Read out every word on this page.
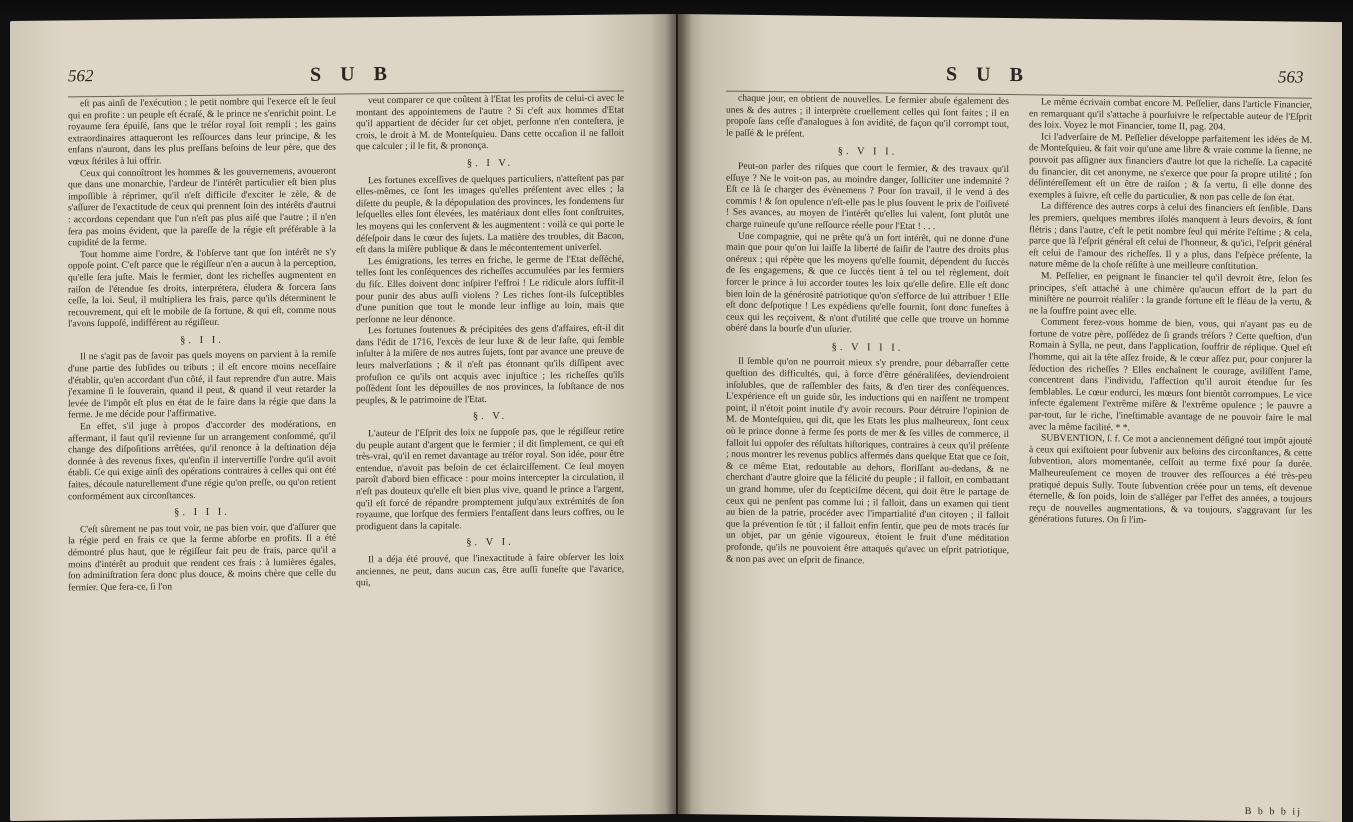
562	S U B

eſt pas ainſi de l'exécution ; le petit nombre qui l'exerce eſt le ſeul qui en profite : un peuple eſt écraſé, & le prince ne s'enrichit point. Le royaume ſera épuiſé, ſans que le tréſor royal ſoit rempli ; les gains extraordinaires attaqueront les reſſources dans leur principe, & les enfans n'auront, dans les plus preſſans beſoins de leur père, que des vœux ſtériles à lui offrir.

Ceux qui connoîtront les hommes & les gouvernemens, avoueront que dans une monarchie, l'ardeur de l'intérêt particulier eſt bien plus impoſſible à réprimer, qu'il n'eſt difficile d'exciter le zèle, & de s'aſſurer de l'exactitude de ceux qui prennent ſoin des intérêts d'autrui : accordons cependant que l'un n'eſt pas plus aiſé que l'autre ; il n'en ſera pas moins évident, que la pareſſe de la régie eſt préférable à la cupidité de la ferme.

Tout homme aime l'ordre, & l'obſerve tant que ſon intérêt ne s'y oppoſe point. C'eſt parce que le régiſſeur n'en a aucun à la perception, qu'elle ſera juſte. Mais le fermier, dont les richeſſes augmentent en raiſon de l'étendue ſes droits, interprétera, éludera & forcera ſans ceſſe, la loi. Seul, il multipliera les frais, parce qu'ils déterminent le recouvrement, qui eſt le mobile de ſa fortune, & qui eſt, comme nous l'avons ſuppoſé, indifférent au régiſſeur.

§. I I.

Il ne s'agit pas de ſavoir pas quels moyens on parvient à la remiſe d'une partie des ſubſides ou tributs ; il eſt encore moins neceſſaire d'établir, qu'en accordant d'un côté, il faut reprendre d'un autre. Mais j'examine ſi le ſouverain, quand il peut, & quand il veut retarder la levée de l'impôt eſt plus en état de le faire dans la régie que dans la ferme. Je me décide pour l'affirmative.

En effet, s'il juge à propos d'accorder des modérations, en affermant, il faut qu'il revienne ſur un arrangement conſommé, qu'il change des diſpoſitions arrêtées, qu'il renonce à la deſtination déja donnée à des revenus fixes, qu'enfin il intervertiſſe l'ordre qu'il avoit établi. Ce qui exige ainſi des opérations contraires à celles qui ont été faites, découle naturellement d'une régie qu'on preſſe, ou qu'on retient conformément aux circonſtances.

§. I I I.

C'eſt sûrement ne pas tout voir, ne pas bien voir, que d'aſſurer que la régie perd en frais ce que la ferme abſorbe en profits. Il a été démontré plus haut, que le régiſſeur fait peu de frais, parce qu'il a moins d'intérêt au produit que rendent ces frais : à lumières égales, ſon adminiſtration ſera donc plus douce, & moins chère que celle du fermier. Que fera-ce, ſi l'on

veut comparer ce que coûtent à l'Etat les profits de celui-ci avec le montant des appointemens de l'autre ? Si c'eſt aux hommes d'Etat qu'il appartient de décider ſur cet objet, perſonne n'en conteſtera, je crois, le droit à M. de Monteſquieu. Dans cette occaſion il ne falloit que calculer ; il le fit, & prononça.

§. I V.

Les fortunes exceſſives de quelques particuliers, n'atteſtent pas par elles-mêmes, ce ſont les images qu'elles préſentent avec elles ; la diſette du peuple, & la dépopulation des provinces, les fondemens ſur leſquelles elles ſont élevées, les matériaux dont elles ſont conſtruites, les moyens qui les conſervent & les augmentent : voilà ce qui porte le déſeſpoir dans le cœur des ſujets. La matière des troubles, dit Bacon, eſt dans la miſère publique & dans le mécontentement univerſel.

Les émigrations, les terres en friche, le germe de l'Etat deſſéché, telles ſont les conſéquences des richeſſes accumulées par les fermiers du fiſc. Elles doivent donc inſpirer l'effroi ! Le ridicule alors ſuffit-il pour punir des abus auſſi violens ? Les riches ſont-ils ſuſceptibles d'une punition que tout le monde leur inflige au loin, mais que perſonne ne leur dénonce.

Les fortunes ſoutenues & précipitées des gens d'affaires, eſt-il dit dans l'édit de 1716, l'excès de leur luxe & de leur faſte, qui ſemble inſulter à la miſère de nos autres ſujets, ſont par avance une preuve de leurs malverſations ; & il n'eſt pas étonnant qu'ils diſſipent avec profuſion ce qu'ils ont acquis avec injuſtice ; les richeſſes qu'ils poſſèdent ſont les dépouilles de nos provinces, la ſubſtance de nos peuples, & le patrimoine de l'Etat.

§. V.

L'auteur de l'Eſprit des loix ne ſuppoſe pas, que le régiſſeur retire du peuple autant d'argent que le fermier ; il dit ſimplement, ce qui eſt très-vrai, qu'il en remet davantage au tréſor royal. Son idée, pour être entendue, n'avoit pas beſoin de cet éclairciſſement. Ce ſeul moyen paroît d'abord bien efficace : pour moins intercepter la circulation, il n'eſt pas douteux qu'elle eſt bien plus vive, quand le prince a l'argent, qu'il eſt forcé de répandre promptement juſqu'aux extrémités de ſon royaume, que lorſque des fermiers l'entaſſent dans leurs coffres, ou le prodiguent dans la capitale.

§. V I.

Il a déja été prouvé, que l'inexactitude à faire obſerver les loix anciennes, ne peut, dans aucun cas, être auſſi funeſte que l'avarice, qui,

S U B	563

chaque jour, en obtient de nouvelles. Le fermier abuſe également des unes & des autres ; il interprète cruellement celles qui ſont faites ; il en propoſe ſans ceſſe d'analogues à ſon avidité, de façon qu'il corrompt tout, le paſſé & le préſent.

§. V I I.

Peut-on parler des riſques que court le fermier, & des travaux qu'il eſſuye ? Ne le voit-on pas, au moindre danger, ſolliciter une indemnité ? Eſt ce là ſe charger des évènemens ? Pour ſon travail, il le vend à des commis ! & ſon opulence n'eſt-elle pas le plus ſouvent le prix de l'oiſiveté ! Ses avances, au moyen de l'intérêt qu'elles lui valent, ſont plutôt une charge ruineuſe qu'une reſſource réelle pour l'Etat ! . . .

Une compagnie, qui ne prête qu'à un fort intérêt, qui ne donne d'une main que pour qu'on lui laiſſe la liberté de ſaiſir de l'autre des droits plus onéreux ; qui répète que les moyens qu'elle fournit, dépendent du ſuccès de ſes engagemens, & que ce ſuccès tient à tel ou tel règlement, doit forcer le prince à lui accorder toutes les loix qu'elle deſire. Elle eſt donc bien loin de la générosité patriotique qu'on s'efforce de lui attribuer ! Elle eſt donc deſpotique ! Les expédiens qu'elle fournit, ſont donc funeſtes à ceux qui les reçoivent, & n'ont d'utilité que celle que trouve un homme obéré dans la bourſe d'un uſurier.

§. V I I I.

Il ſemble qu'on ne pourroit mieux s'y prendre, pour débarraſſer cette queſtion des difficultés, qui, à force d'être généraliſées, deviendroient inſolubles, que de raſſembler des faits, & d'en tirer des conſéquences. L'expérience eſt un guide sûr, les inductions qui en naiſſent ne trompent point, il n'étoit point inutile d'y avoir recours. Pour détruire l'opinion de M. de Monteſquieu, qui dit, que les Etats les plus malheureux, ſont ceux où le prince donne à ferme ſes ports de mer & ſes villes de commerce, il falloit lui oppoſer des réſultats hiſtoriques, contraires à ceux qu'il préſente ; nous montrer les revenus publics affermés dans quelque Etat que ce ſoit, & ce même Etat, redoutable au dehors, floriſſant au-dedans, & ne cherchant d'autre gloire que la félicité du peuple ; il falloit, en combattant un grand homme, uſer du ſcepticiſme décent, qui doit être le partage de ceux qui ne penſent pas comme lui ; il falloit, dans un examen qui tient au bien de la patrie, procéder avec l'impartialité d'un citoyen ; il falloit que la prévention ſe tût ; il falloit enfin ſentir, que peu de mots tracés ſur un objet, par un génie vigoureux, étoient le fruit d'une méditation profonde, qu'ils ne pouvoient être attaqués qu'avec un eſprit patriotique, & non pas avec un eſprit de finance.

Le même écrivain combat encore M. Peſſelier, dans l'article Financier, en remarquant qu'il s'attache à pourſuivre le reſpectable auteur de l'Eſprit des loix. Voyez le mot Financier, tome II, pag. 204.

Ici l'adverſaire de M. Peſſelier développe parfaitement les idées de M. de Monteſquieu, & fait voir qu'une ame libre & vraie comme la ſienne, ne pouvoit pas aſſigner aux financiers d'autre lot que la richeſſe. La capacité du financier, dit cet anonyme, ne s'exerce que pour ſa propre utilité ; ſon déſintéreſſement eſt un être de raiſon ; & ſa vertu, ſi elle donne des exemples à ſuivre, eſt celle du particulier, & non pas celle de ſon état.

La différence des autres corps à celui des financiers eſt ſenſible. Dans les premiers, quelques membres iſolés manquent à leurs devoirs, & ſont flétris ; dans l'autre, c'eſt le petit nombre ſeul qui mérite l'eſtime ; & cela, parce que là l'eſprit général eſt celui de l'honneur, & qu'ici, l'eſprit général eſt celui de l'amour des richeſſes. Il y a plus, dans l'eſpèce préſente, la nature même de la choſe réſiſte à une meilleure conſtitution.

M. Peſſelier, en peignant le financier tel qu'il devroit être, ſelon ſes principes, s'eſt attaché à une chimère qu'aucun effort de la part du miniſtère ne pourroit réaliſer : la grande fortune eſt le fléau de la vertu, & ne la ſouffre point avec elle.

Comment ferez-vous homme de bien, vous, qui n'ayant pas eu de fortune de votre père, poſſédez de ſi grands tréſors ? Cette queſtion, d'un Romain à Sylla, ne peut, dans l'application, ſouffrir de réplique. Quel eſt l'homme, qui ait la tête aſſez froide, & le cœur aſſez pur, pour conjurer la ſéduction des richeſſes ? Elles enchaînent le courage, aviliſſent l'ame, concentrent dans l'individu, l'affection qu'il auroit étendue ſur ſes ſemblables. Le cœur endurci, les mœurs ſont bientôt corrompues. Le vice infecte également l'extrême miſère & l'extrême opulence ; le pauvre a par-tout, ſur le riche, l'ineſtimable avantage de ne pouvoir faire le mal avec la même facilité. * *.

SUBVENTION, ſ. f. Ce mot a anciennement déſigné tout impôt ajouté à ceux qui exiſtoient pour ſubvenir aux beſoins des circonſtances, & cette ſubvention, alors momentanée, ceſſoit au terme fixé pour ſa durée. Malheureuſement ce moyen de trouver des reſſources a été très-peu pratiqué depuis Sully. Toute ſubvention créée pour un tems, eſt devenue éternelle, & ſon poids, loin de s'alléger par l'effet des années, a toujours reçu de nouvelles augmentations, & va toujours, s'aggravant ſur les générations futures. On ſi l'im-

B b b b ij
